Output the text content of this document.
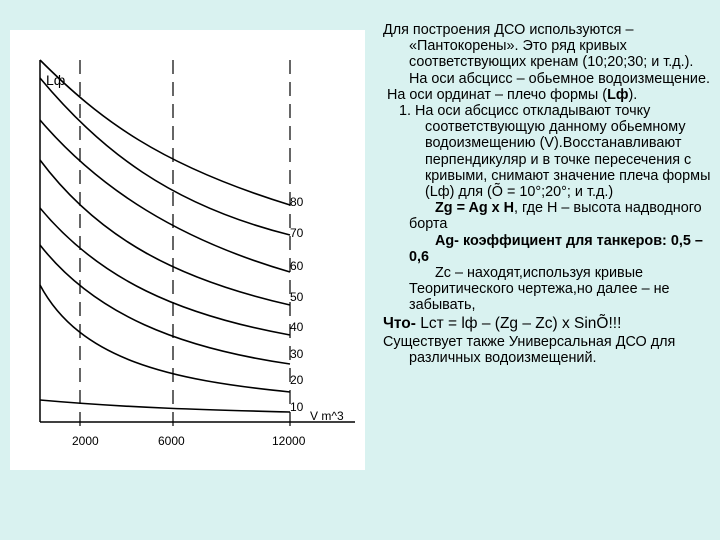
Lф
V m^3
2000	6000	12000
80
70
60
50
40
30
20
10

Для построения ДСО используются – «Пантокорены». Это ряд кривых соответствующих кренам (10;20;30; и т.д.). На оси абсцисс – обьемное водоизмещение.

На оси ординат – плечо формы (Lф).

1. На оси абсцисс откладывают точку соответствующую данному обьемному водоизмещению (V).Восстанавливают перпендикуляр и в точке пересечения с кривыми, снимают значение плеча формы (Lф) для (Õ = 10°;20°; и т.д.)

Zg = Ag x H, где H – высота надводного борта

Ag- коэффициент для танкеров: 0,5 – 0,6

Zc – находят,используя кривые Теоритического чертежа,но далее – не забывать,

Что- Lст = lф – (Zg – Zc) x SinÕ!!!

Существует также Универсальная ДСО для различных водоизмещений.
